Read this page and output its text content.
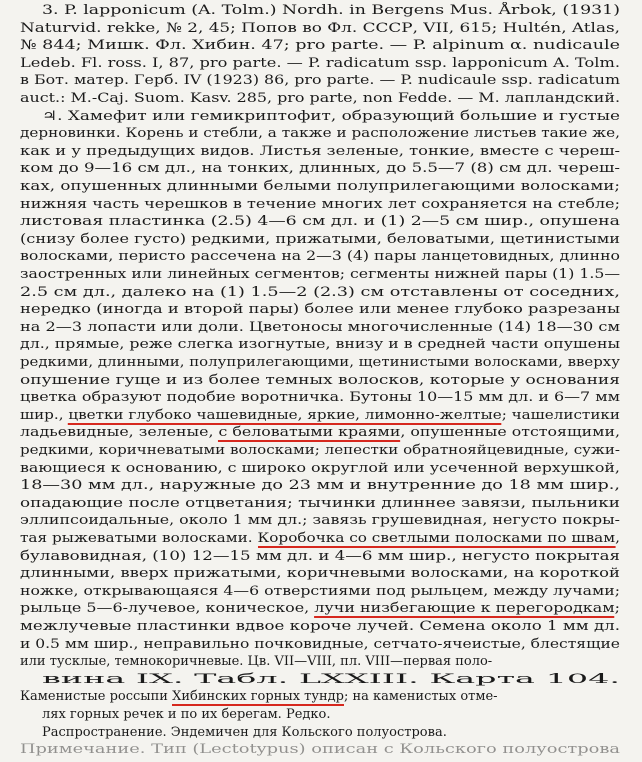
3. P. lapponicum (A. Tolm.) Nordh. in Bergens Mus. Årbok, (1931)
Naturvid. rekke, № 2, 45; Попов во Фл. СССР, VII, 615; Hultén, Atlas,
№ 844; Мишк. Фл. Хибин. 47; pro parte. — P. alpinum α. nudicaule
Ledeb. Fl. ross. I, 87, pro parte. — P. radicatum ssp. lapponicum A. Tolm.
в Бот. матер. Герб. IV (1923) 86, pro parte. — P. nudicaule ssp. radicatum
auct.: M.-Caj. Suom. Kasv. 285, pro parte, non Fedde. — М. лапландский.
♃. Хамефит или гемикриптофит, образующий большие и густые
дерновинки. Корень и стебли, а также и расположение листьев такие же,
как и у предыдущих видов. Листья зеленые, тонкие, вместе с череш-
ком до 9—16 см дл., на тонких, длинных, до 5.5—7 (8) см дл. череш-
ках, опушенных длинными белыми полуприлегающими волосками;
нижняя часть черешков в течение многих лет сохраняется на стебле;
листовая пластинка (2.5) 4—6 см дл. и (1) 2—5 см шир., опушена
(снизу более густо) редкими, прижатыми, беловатыми, щетинистыми
волосками, перисто рассечена на 2—3 (4) пары ланцетовидных, длинно
заостренных или линейных сегментов; сегменты нижней пары (1) 1.5—
2.5 см дл., далеко на (1) 1.5—2 (2.3) см отставлены от соседних,
нередко (иногда и второй пары) более или менее глубоко разрезаны
на 2—3 лопасти или доли. Цветоносы многочисленные (14) 18—30 см
дл., прямые, реже слегка изогнутые, внизу и в средней части опушены
редкими, длинными, полуприлегающими, щетинистыми волосками, вверху
опушение гуще и из более темных волосков, которые у основания
цветка образуют подобие воротничка. Бутоны 10—15 мм дл. и 6—7 мм
шир., цветки глубоко чашевидные, яркие, лимонно-желтые; чашелистики
ладьевидные, зеленые, с беловатыми краями, опушенные отстоящими,
редкими, коричневатыми волосками; лепестки обратнояйцевидные, сужи-
вающиеся к основанию, с широко округлой или усеченной верхушкой,
18—30 мм дл., наружные до 23 мм и внутренние до 18 мм шир.,
опадающие после отцветания; тычинки длиннее завязи, пыльники
эллипсоидальные, около 1 мм дл.; завязь грушевидная, негусто покры-
тая рыжеватыми волосками. Коробочка со светлыми полосками по швам,
булавовидная, (10) 12—15 мм дл. и 4—6 мм шир., негусто покрытая
длинными, вверх прижатыми, коричневыми волосками, на короткой
ножке, открывающаяся 4—6 отверстиями под рыльцем, между лучами;
рыльце 5—6-лучевое, коническое, лучи низбегающие к перегородкам;
межлучевые пластинки вдвое короче лучей. Семена около 1 мм дл.
и 0.5 мм шир., неправильно почковидные, сетчато-ячеистые, блестящие
или тусклые, темнокоричневые. Цв. VII—VIII, пл. VIII—первая поло-
вина IX. Табл. LXXIII. Карта 104.
Каменистые россыпи Хибинских горных тундр; на каменистых отме-
лях горных речек и по их берегам. Редко.
Распространение. Эндемичен для Кольского полуострова.
Примечание. Тип (Lectotypus) описан с Кольского полуострова
